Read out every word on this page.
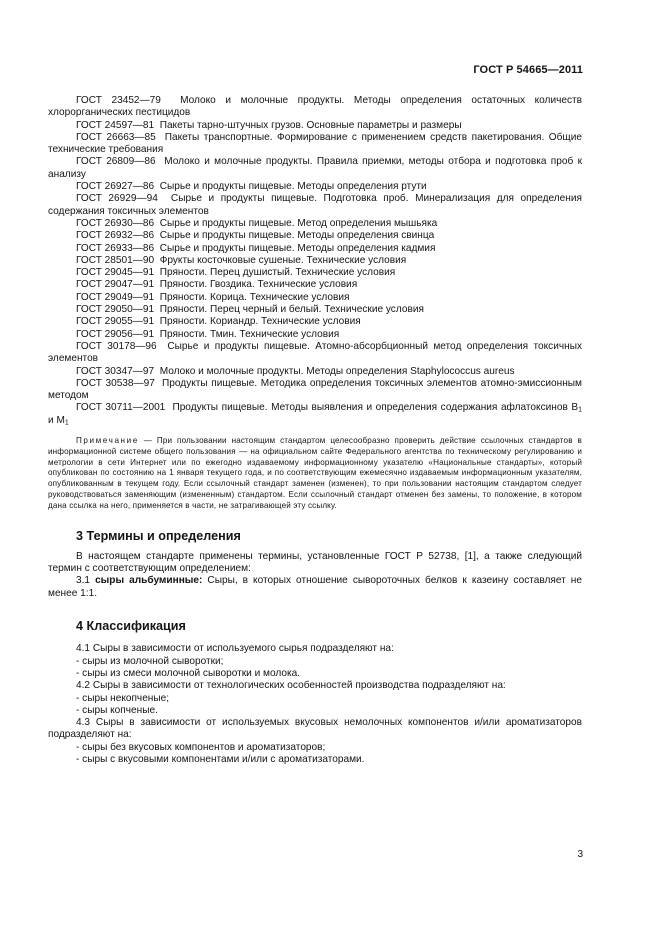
ГОСТ Р 54665—2011
ГОСТ 23452—79 Молоко и молочные продукты. Методы определения остаточных количеств хлорорганических пестицидов
ГОСТ 24597—81 Пакеты тарно-штучных грузов. Основные параметры и размеры
ГОСТ 26663—85 Пакеты транспортные. Формирование с применением средств пакетирования. Общие технические требования
ГОСТ 26809—86 Молоко и молочные продукты. Правила приемки, методы отбора и подготовка проб к анализу
ГОСТ 26927—86 Сырье и продукты пищевые. Методы определения ртути
ГОСТ 26929—94 Сырье и продукты пищевые. Подготовка проб. Минерализация для определения содержания токсичных элементов
ГОСТ 26930—86 Сырье и продукты пищевые. Метод определения мышьяка
ГОСТ 26932—86 Сырье и продукты пищевые. Методы определения свинца
ГОСТ 26933—86 Сырье и продукты пищевые. Методы определения кадмия
ГОСТ 28501—90 Фрукты косточковые сушеные. Технические условия
ГОСТ 29045—91 Пряности. Перец душистый. Технические условия
ГОСТ 29047—91 Пряности. Гвоздика. Технические условия
ГОСТ 29049—91 Пряности. Корица. Технические условия
ГОСТ 29050—91 Пряности. Перец черный и белый. Технические условия
ГОСТ 29055—91 Пряности. Кориандр. Технические условия
ГОСТ 29056—91 Пряности. Тмин. Технические условия
ГОСТ 30178—96 Сырье и продукты пищевые. Атомно-абсорбционный метод определения токсичных элементов
ГОСТ 30347—97 Молоко и молочные продукты. Методы определения Staphylococcus aureus
ГОСТ 30538—97 Продукты пищевые. Методика определения токсичных элементов атомно-эмиссионным методом
ГОСТ 30711—2001 Продукты пищевые. Методы выявления и определения содержания афлатоксинов $B_1$ и $M_1$
Примечание — При пользовании настоящим стандартом целесообразно проверить действие ссылочных стандартов в информационной системе общего пользования — на официальном сайте Федерального агентства по техническому регулированию и метрологии в сети Интернет или по ежегодно издаваемому информационному указателю «Национальные стандарты», который опубликован по состоянию на 1 января текущего года, и по соответствующим ежемесячно издаваемым информационным указателям, опубликованным в текущем году. Если ссылочный стандарт заменен (изменен), то при пользовании настоящим стандартом следует руководствоваться заменяющим (измененным) стандартом. Если ссылочный стандарт отменен без замены, то положение, в котором дана ссылка на него, применяется в части, не затрагивающей эту ссылку.
3 Термины и определения
В настоящем стандарте применены термины, установленные ГОСТ Р 52738, [1], а также следующий термин с соответствующим определением:
3.1 сыры альбуминные: Сыры, в которых отношение сывороточных белков к казеину составляет не менее 1:1.
4 Классификация
4.1 Сыры в зависимости от используемого сырья подразделяют на:
- сыры из молочной сыворотки;
- сыры из смеси молочной сыворотки и молока.
4.2 Сыры в зависимости от технологических особенностей производства подразделяют на:
- сыры некопченые;
- сыры копченые.
4.3 Сыры в зависимости от используемых вкусовых немолочных компонентов и/или ароматизаторов подразделяют на:
- сыры без вкусовых компонентов и ароматизаторов;
- сыры с вкусовыми компонентами и/или с ароматизаторами.
3
